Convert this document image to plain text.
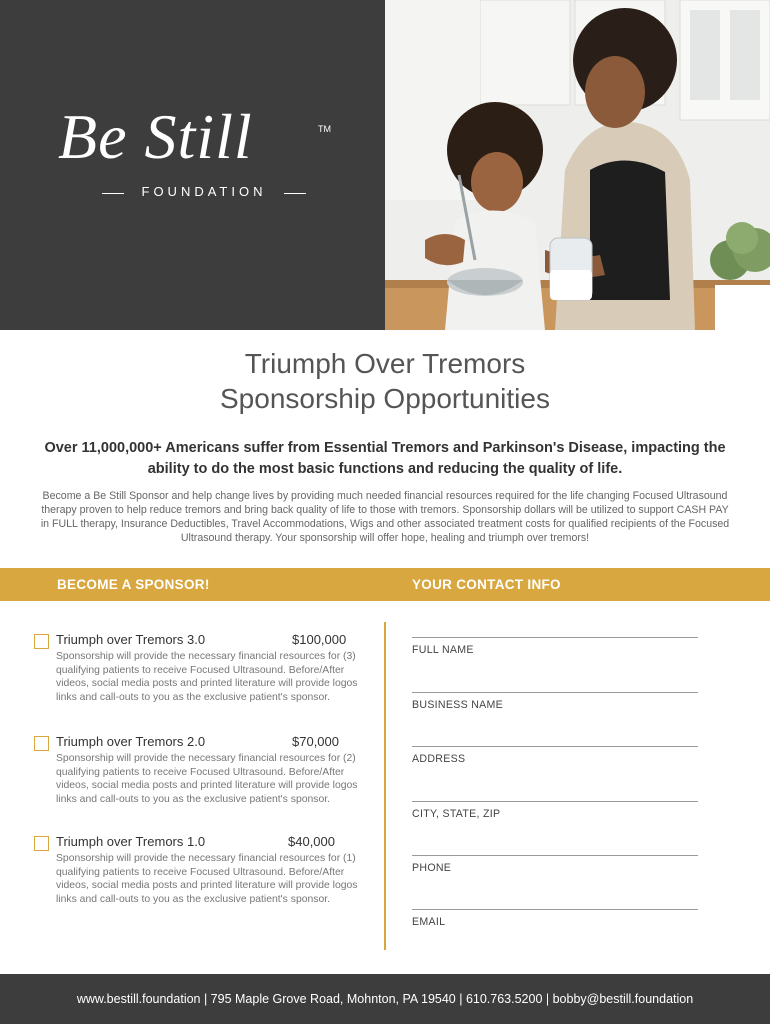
Be Still	TM
FOUNDATION
Triumph Over Tremors
Sponsorship Opportunities
Over 11,000,000+ Americans suffer from Essential Tremors and Parkinson's Disease, impacting the ability to do the most basic functions and reducing the quality of life.
Become a Be Still Sponsor and help change lives by providing much needed financial resources required for the life changing Focused Ultrasound therapy proven to help reduce tremors and bring back quality of life to those with tremors. Sponsorship dollars will be utilized to support CASH PAY in FULL therapy, Insurance Deductibles, Travel Accommodations, Wigs and other associated treatment costs for qualified recipients of the Focused Ultrasound therapy. Your sponsorship will offer hope, healing and triumph over tremors!
BECOME A SPONSOR!	YOUR CONTACT INFO
Triumph over Tremors 3.0	$100,000
Sponsorship will provide the necessary financial resources for (3) qualifying patients to receive Focused Ultrasound. Before/After videos, social media posts and printed literature will provide logos links and call-outs to you as the exclusive patient's sponsor.
Triumph over Tremors 2.0	$70,000
Sponsorship will provide the necessary financial resources for (2) qualifying patients to receive Focused Ultrasound. Before/After videos, social media posts and printed literature will provide logos links and call-outs to you as the exclusive patient's sponsor.
Triumph over Tremors 1.0	$40,000
Sponsorship will provide the necessary financial resources for (1) qualifying patients to receive Focused Ultrasound. Before/After videos, social media posts and printed literature will provide logos links and call-outs to you as the exclusive patient's sponsor.
FULL NAME
BUSINESS NAME
ADDRESS
CITY, STATE, ZIP
PHONE
EMAIL
www.bestill.foundation | 795 Maple Grove Road, Mohnton, PA 19540 | 610.763.5200 | bobby@bestill.foundation
